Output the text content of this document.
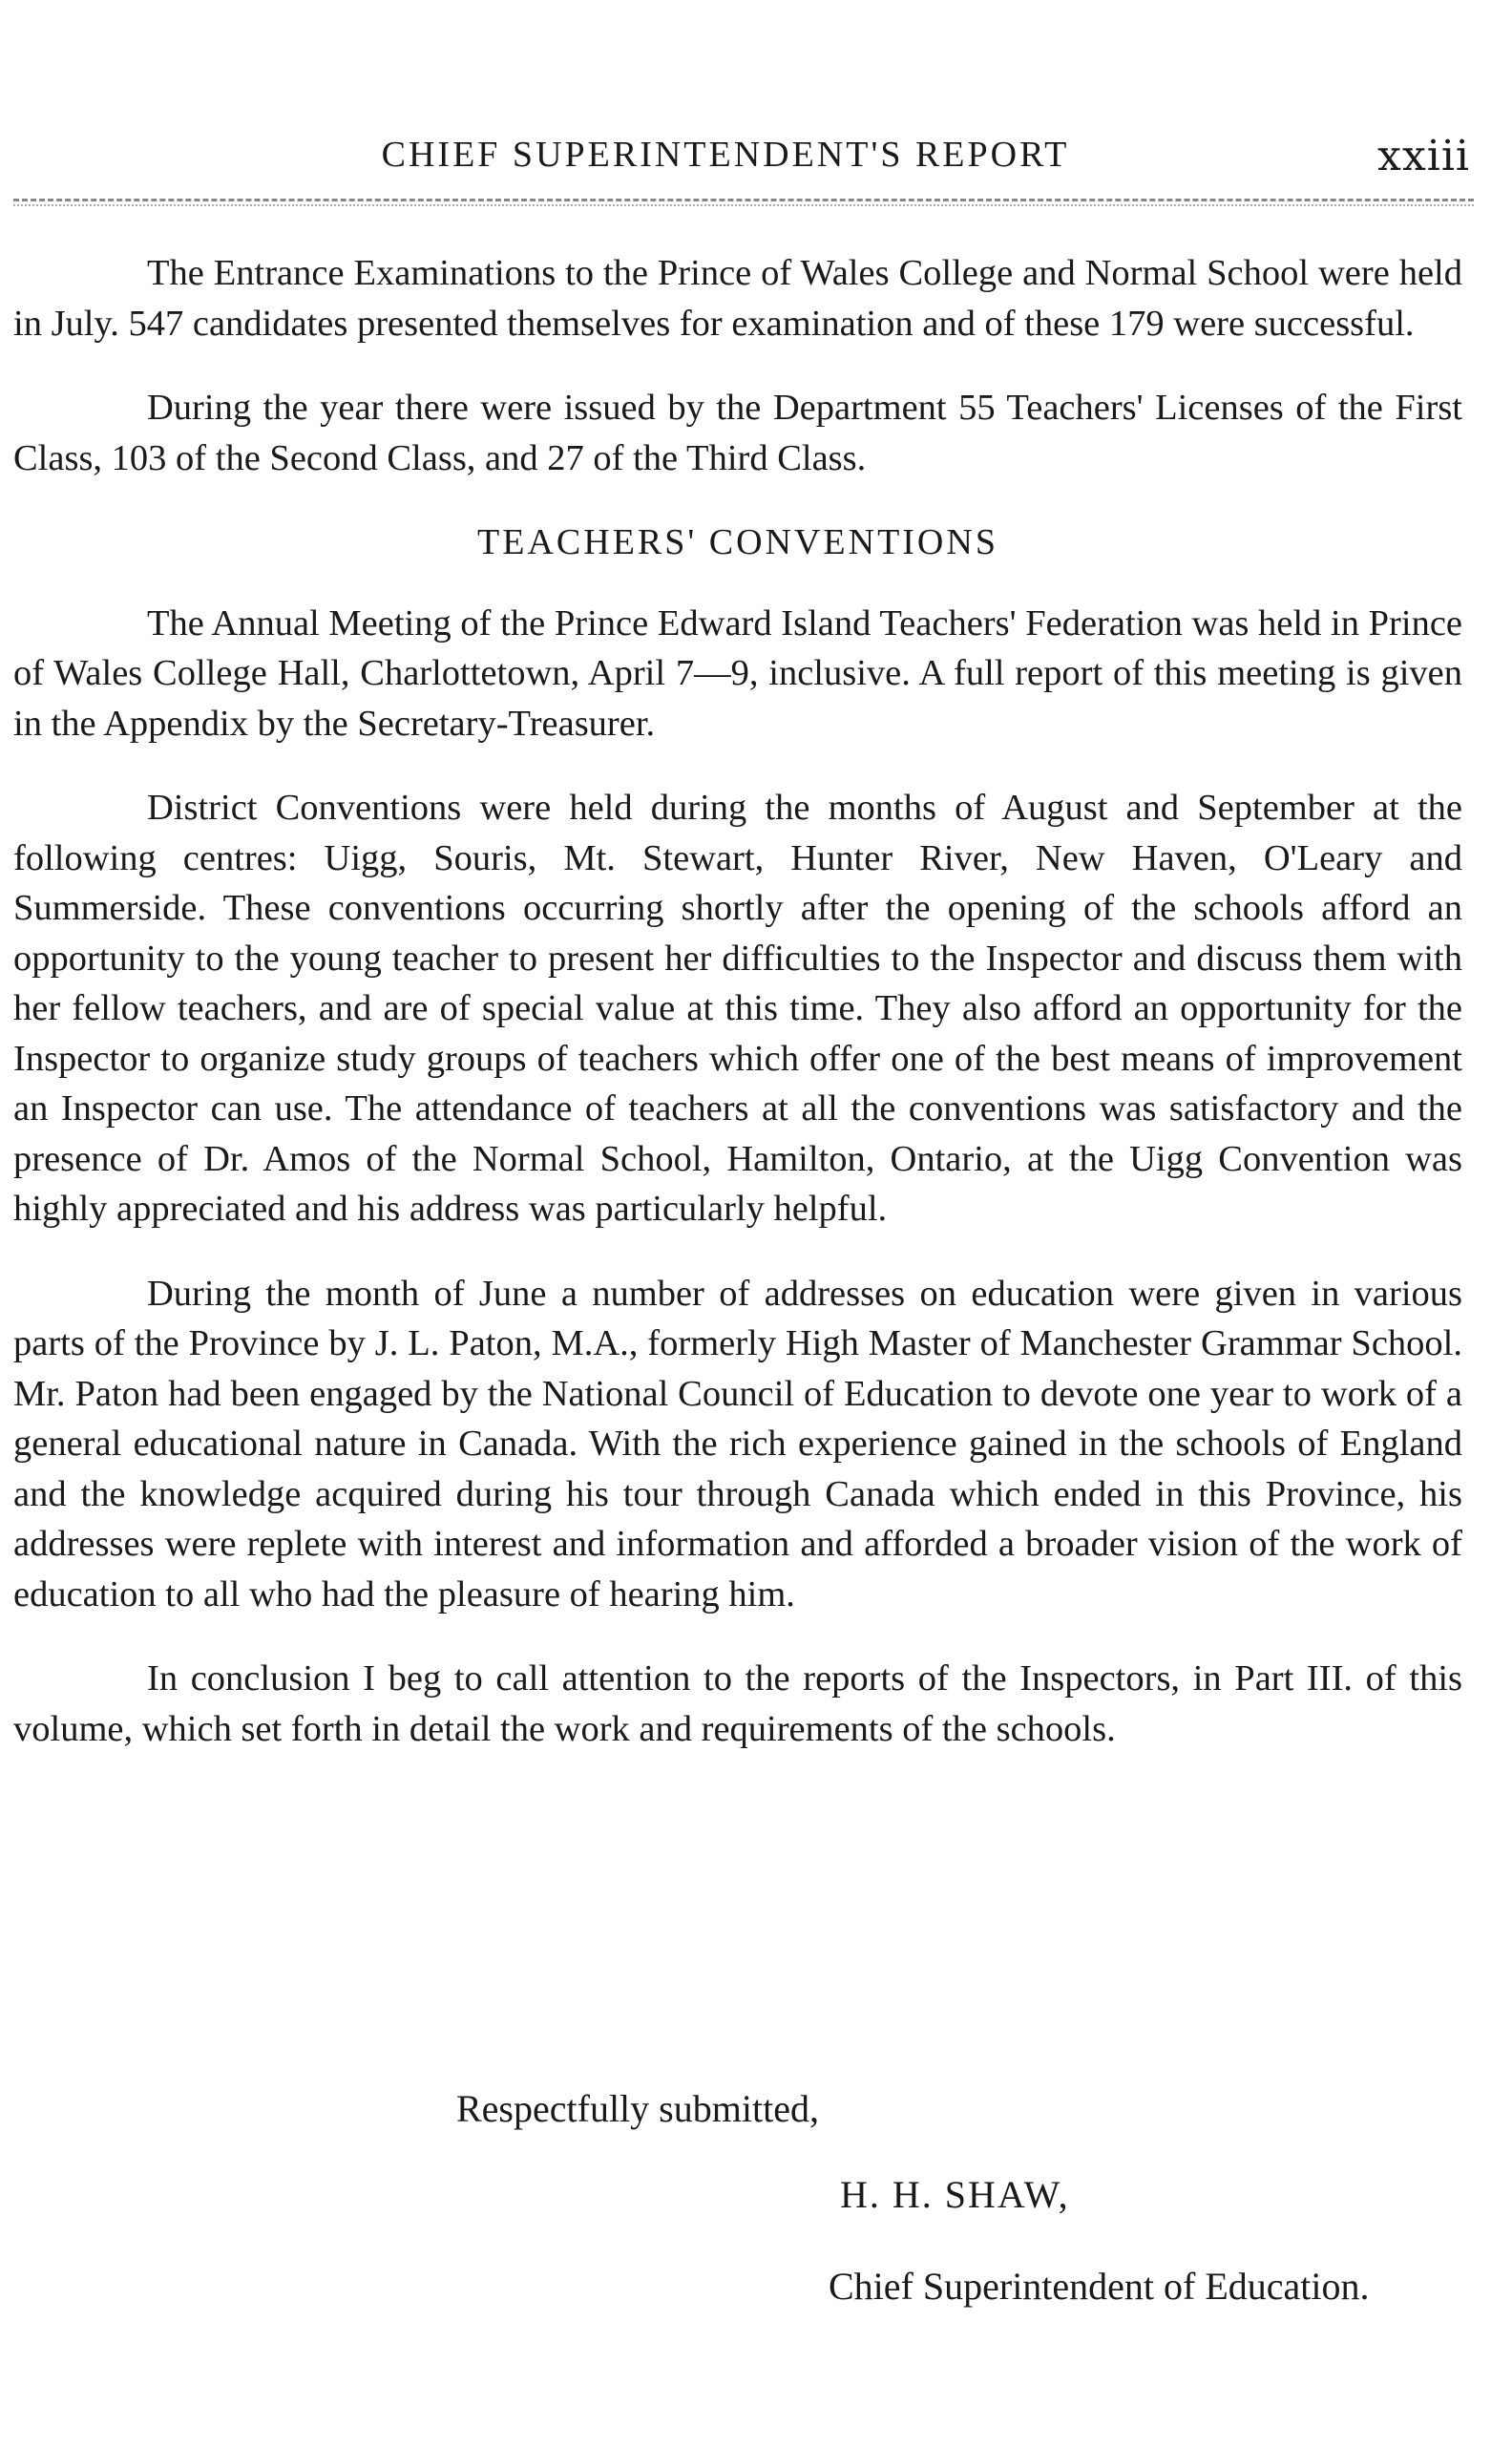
CHIEF SUPERINTENDENT'S REPORT	xxiii

The Entrance Examinations to the Prince of Wales College and Normal School were held in July. 547 candidates presented themselves for examination and of these 179 were successful.

During the year there were issued by the Department 55 Teachers' Licenses of the First Class, 103 of the Second Class, and 27 of the Third Class.

TEACHERS' CONVENTIONS

The Annual Meeting of the Prince Edward Island Teachers' Federation was held in Prince of Wales College Hall, Charlottetown, April 7—9, inclusive. A full report of this meeting is given in the Appendix by the Secretary-Treasurer.

District Conventions were held during the months of August and September at the following centres: Uigg, Souris, Mt. Stewart, Hunter River, New Haven, O'Leary and Summerside. These conventions occurring shortly after the opening of the schools afford an opportunity to the young teacher to present her difficulties to the Inspector and discuss them with her fellow teachers, and are of special value at this time. They also afford an opportunity for the Inspector to organize study groups of teachers which offer one of the best means of improvement an Inspector can use. The attendance of teachers at all the conventions was satisfactory and the presence of Dr. Amos of the Normal School, Hamilton, Ontario, at the Uigg Convention was highly appreciated and his address was particularly helpful.

During the month of June a number of addresses on education were given in various parts of the Province by J. L. Paton, M.A., formerly High Master of Manchester Grammar School. Mr. Paton had been engaged by the National Council of Education to devote one year to work of a general educational nature in Canada. With the rich experience gained in the schools of England and the knowledge acquired during his tour through Canada which ended in this Province, his addresses were replete with interest and information and afforded a broader vision of the work of education to all who had the pleasure of hearing him.

In conclusion I beg to call attention to the reports of the Inspectors, in Part III. of this volume, which set forth in detail the work and requirements of the schools.

Respectfully submitted,
H. H. SHAW,
Chief Superintendent of Education.
